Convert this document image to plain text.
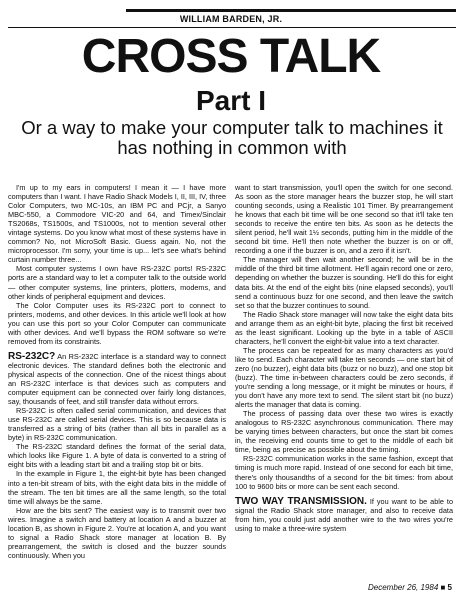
WILLIAM BARDEN, JR.
CROSS TALK
Part I
Or a way to make your computer talk to machines it has nothing in common with

I'm up to my ears in computers! I mean it — I have more computers than I want. I have Radio Shack Models I, II, III, IV, three Color Computers, two MC-10s, an IBM PC and PCjr, a Sanyo MBC-550, a Commodore VIC-20 and 64, and Timex/Sinclair TS2068s, TS1500s, and TS1000s, not to mention several other vintage systems. Do you know what most of these systems have in common? No, not MicroSoft Basic. Guess again. No, not the microprocessor. I'm sorry, your time is up... let's see what's behind curtain number three...

Most computer systems I own have RS-232C ports! RS-232C ports are a standard way to let a computer talk to the outside world — other computer systems, line printers, plotters, modems, and other kinds of peripheral equipment and devices.

The Color Computer uses its RS-232C port to connect to printers, modems, and other devices. In this article we'll look at how you can use this port so your Color Computer can communicate with other devices. And we'll bypass the ROM software so we're removed from its constraints.

RS-232C? An RS-232C interface is a standard way to connect electronic devices. The standard defines both the electronic and physical aspects of the connection. One of the nicest things about an RS-232C interface is that devices such as computers and computer equipment can be connected over fairly long distances, say, thousands of feet, and still transfer data without errors.

RS-232C is often called serial communication, and devices that use RS-232C are called serial devices. This is so because data is transferred as a string of bits (rather than all bits in parallel as a byte) in RS-232C communication.

The RS-232C standard defines the format of the serial data, which looks like Figure 1. A byte of data is converted to a string of eight bits with a leading start bit and a trailing stop bit or bits.

In the example in Figure 1, the eight-bit byte has been changed into a ten-bit stream of bits, with the eight data bits in the middle of the stream. The ten bit times are all the same length, so the total time will always be the same.

How are the bits sent? The easiest way is to transmit over two wires. Imagine a switch and battery at location A and a buzzer at location B, as shown in Figure 2. You're at location A, and you want to signal a Radio Shack store manager at location B. By prearrangement, the switch is closed and the buzzer sounds continuously. When you

want to start transmission, you'll open the switch for one second. As soon as the store manager hears the buzzer stop, he will start counting seconds, using a Realistic 101 Timer. By prearrangement he knows that each bit time will be one second so that it'll take ten seconds to receive the entire ten bits. As soon as he detects the silent period, he'll wait 1½ seconds, putting him in the middle of the second bit time. He'll then note whether the buzzer is on or off, recording a one if the buzzer is on, and a zero if it isn't.

The manager will then wait another second; he will be in the middle of the third bit time allotment. He'll again record one or zero, depending on whether the buzzer is sounding. He'll do this for eight data bits. At the end of the eight bits (nine elapsed seconds), you'll send a continuous buzz for one second, and then leave the switch set so that the buzzer continues to sound.

The Radio Shack store manager will now take the eight data bits and arrange them as an eight-bit byte, placing the first bit received as the least significant. Looking up the byte in a table of ASCII characters, he'll convert the eight-bit value into a text character.

The process can be repeated for as many characters as you'd like to send. Each character will take ten seconds — one start bit of zero (no buzzer), eight data bits (buzz or no buzz), and one stop bit (buzz). The time in-between characters could be zero seconds, if you're sending a long message, or it might be minutes or hours, if you don't have any more text to send. The silent start bit (no buzz) alerts the manager that data is coming.

The process of passing data over these two wires is exactly analogous to RS-232C asynchronous communication. There may be varying times between characters, but once the start bit comes in, the receiving end counts time to get to the middle of each bit time, being as precise as possible about the timing.

RS-232C communication works in the same fashion, except that timing is much more rapid. Instead of one second for each bit time, there's only thousandths of a second for the bit times: from about 100 to 9600 bits or more can be sent each second.

TWO WAY TRANSMISSION. If you want to be able to signal the Radio Shack store manager, and also to receive data from him, you could just add another wire to the two wires you're using to make a three-wire system

December 26, 1984 ■ 5
